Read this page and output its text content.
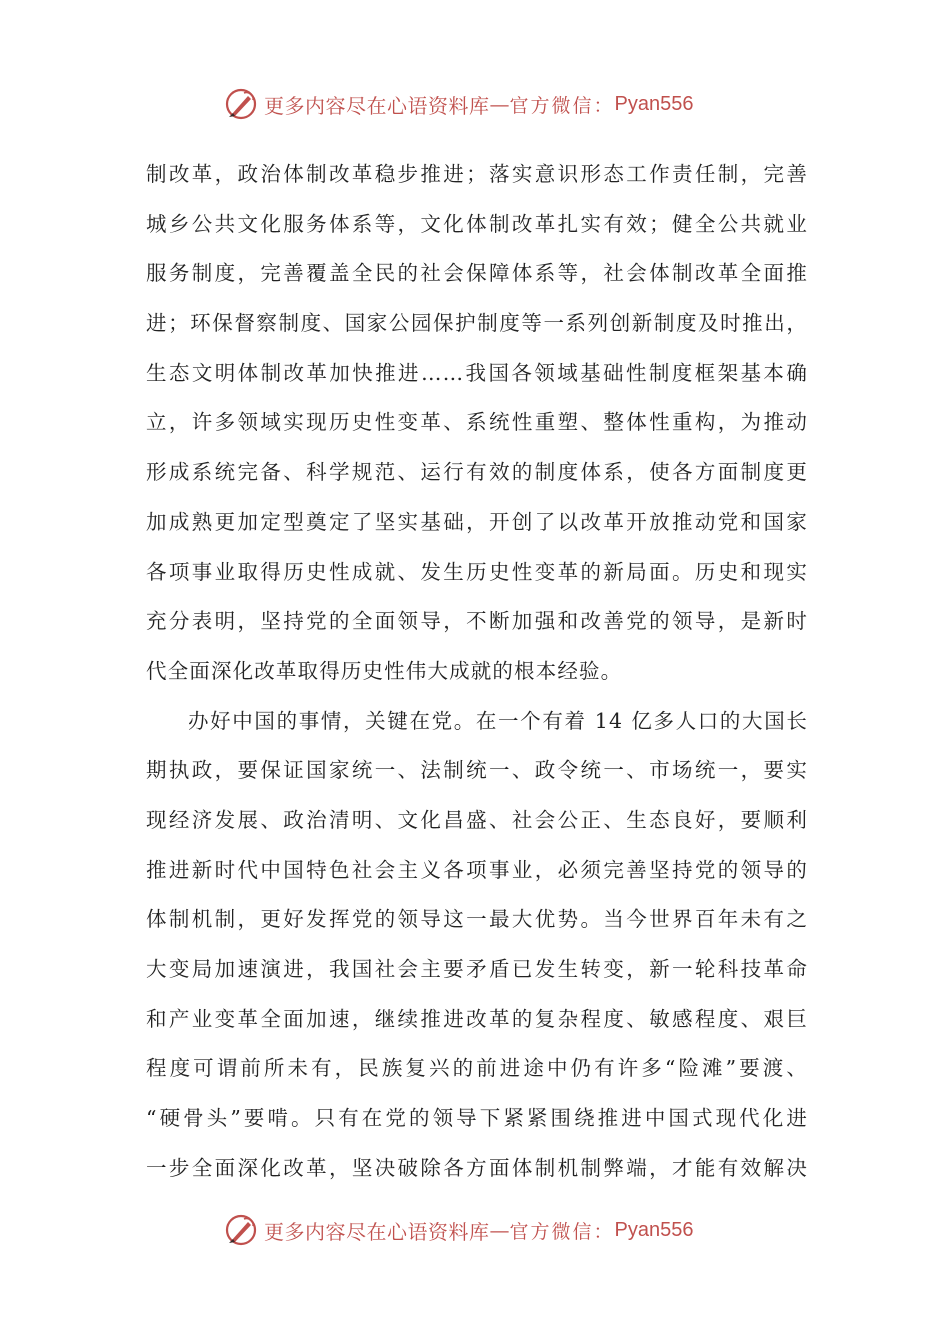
更多内容尽在心语资料库 — 官方微信： Pyan556
制改革，政治体制改革稳步推进；落实意识形态工作责任制，完善
城乡公共文化服务体系等，文化体制改革扎实有效；健全公共就业
服务制度，完善覆盖全民的社会保障体系等，社会体制改革全面推
进；环保督察制度、国家公园保护制度等一系列创新制度及时推出，
生态文明体制改革加快推进……我国各领域基础性制度框架基本确
立，许多领域实现历史性变革、系统性重塑、整体性重构，为推动
形成系统完备、科学规范、运行有效的制度体系，使各方面制度更
加成熟更加定型奠定了坚实基础，开创了以改革开放推动党和国家
各项事业取得历史性成就、发生历史性变革的新局面。历史和现实
充分表明，坚持党的全面领导，不断加强和改善党的领导，是新时
代全面深化改革取得历史性伟大成就的根本经验。
办好中国的事情，关键在党。在一个有着 14 亿多人口的大国长
期执政，要保证国家统一、法制统一、政令统一、市场统一，要实
现经济发展、政治清明、文化昌盛、社会公正、生态良好，要顺利
推进新时代中国特色社会主义各项事业，必须完善坚持党的领导的
体制机制，更好发挥党的领导这一最大优势。当今世界百年未有之
大变局加速演进，我国社会主要矛盾已发生转变，新一轮科技革命
和产业变革全面加速，继续推进改革的复杂程度、敏感程度、艰巨
程度可谓前所未有，民族复兴的前进途中仍有许多“险滩”要渡、
“硬骨头”要啃。只有在党的领导下紧紧围绕推进中国式现代化进
一步全面深化改革，坚决破除各方面体制机制弊端，才能有效解决
更多内容尽在心语资料库 — 官方微信： Pyan556
